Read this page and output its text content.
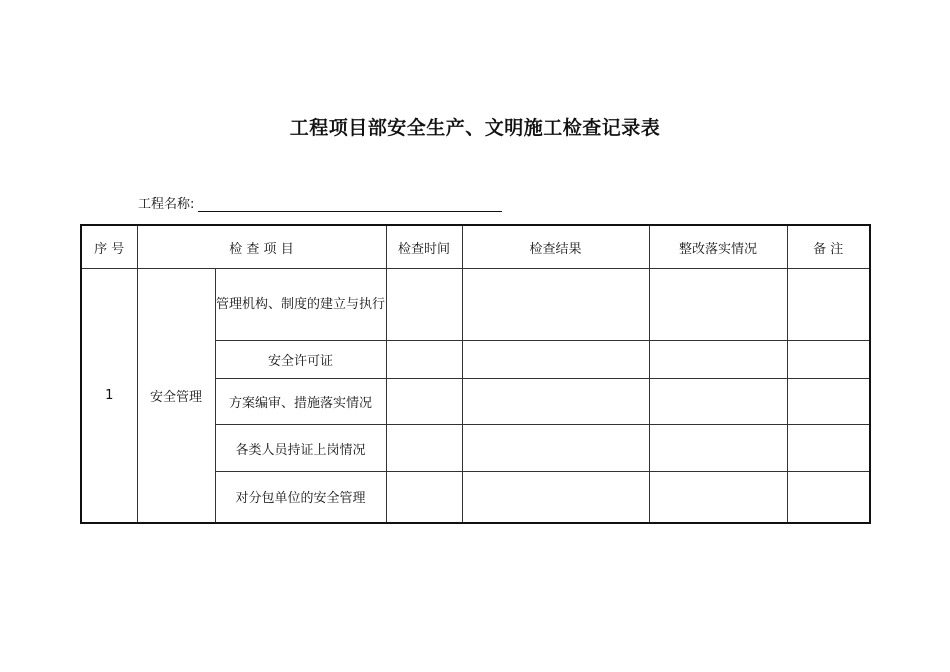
工程项目部安全生产、文明施工检查记录表
工程名称:
序 号	检 查 项 目		检查时间	检查结果	整改落实情况	备 注
1	安全管理	管理机构、制度的建立与执行				
		安全许可证				
		方案编审、措施落实情况				
		各类人员持证上岗情况				
		对分包单位的安全管理				
